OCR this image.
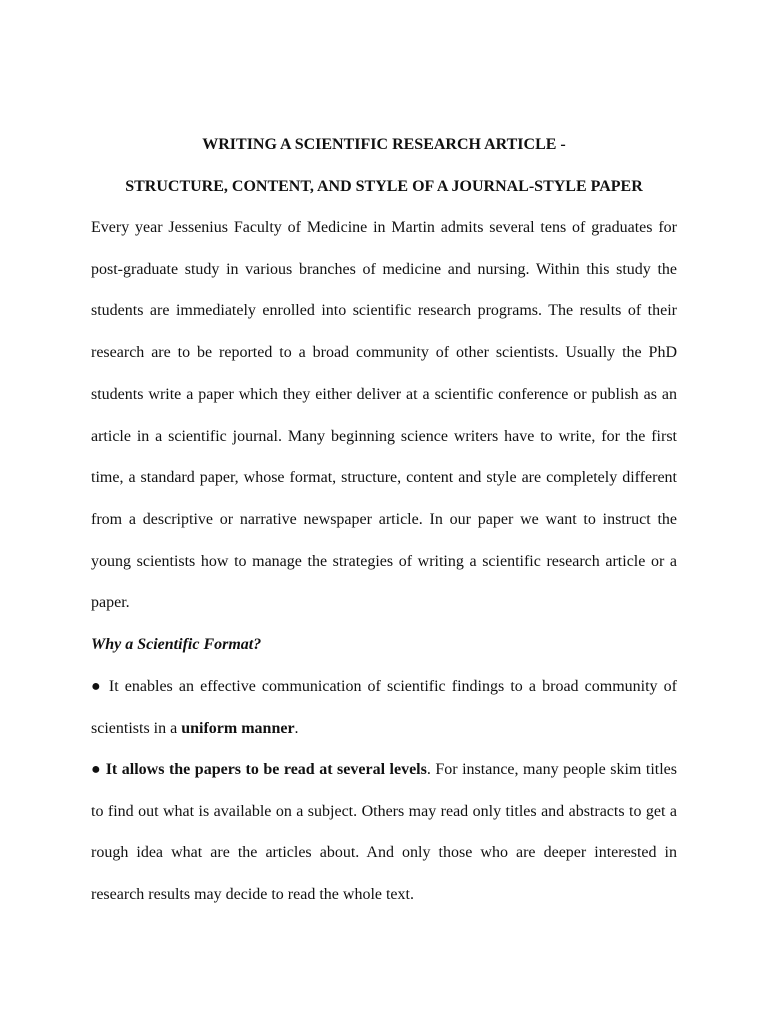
WRITING A SCIENTIFIC RESEARCH ARTICLE -
STRUCTURE, CONTENT, AND STYLE OF A JOURNAL-STYLE PAPER

Every year Jessenius Faculty of Medicine in Martin admits several tens of graduates for post-graduate study in various branches of medicine and nursing. Within this study the students are immediately enrolled into scientific research programs. The results of their research are to be reported to a broad community of other scientists. Usually the PhD students write a paper which they either deliver at a scientific conference or publish as an article in a scientific journal. Many beginning science writers have to write, for the first time, a standard paper, whose format, structure, content and style are completely different from a descriptive or narrative newspaper article. In our paper we want to instruct the young scientists how to manage the strategies of writing a scientific research article or a paper.

Why a Scientific Format?

● It enables an effective communication of scientific findings to a broad community of scientists in a uniform manner.

● It allows the papers to be read at several levels. For instance, many people skim titles to find out what is available on a subject. Others may read only titles and abstracts to get a rough idea what are the articles about. And only those who are deeper interested in research results may decide to read the whole text.
